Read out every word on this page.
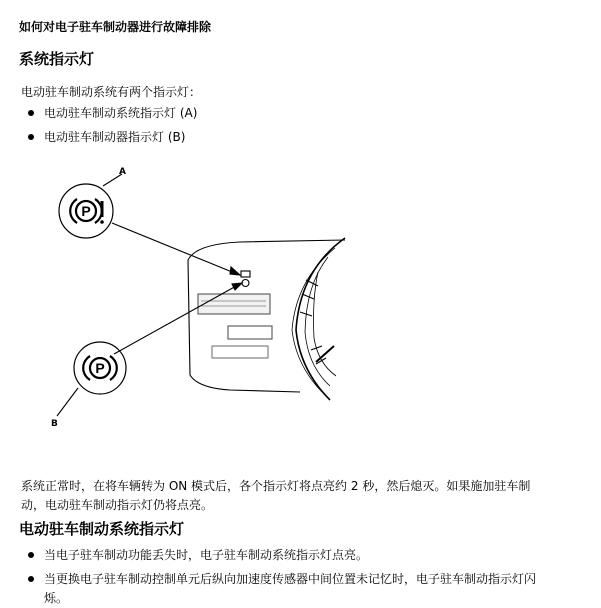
如何对电子驻车制动器进行故障排除
系统指示灯
电动驻车制动系统有两个指示灯：
电动驻车制动系统指示灯 (A)
电动驻车制动器指示灯 (B)
P
P
A
B
系统正常时，在将车辆转为 ON 模式后，各个指示灯将点亮约 2 秒，然后熄灭。如果施加驻车制
动，电动驻车制动指示灯仍将点亮。
电动驻车制动系统指示灯
当电子驻车制动功能丢失时，电子驻车制动系统指示灯点亮。
当更换电子驻车制动控制单元后纵向加速度传感器中间位置未记忆时，电子驻车制动指示灯闪烁。
